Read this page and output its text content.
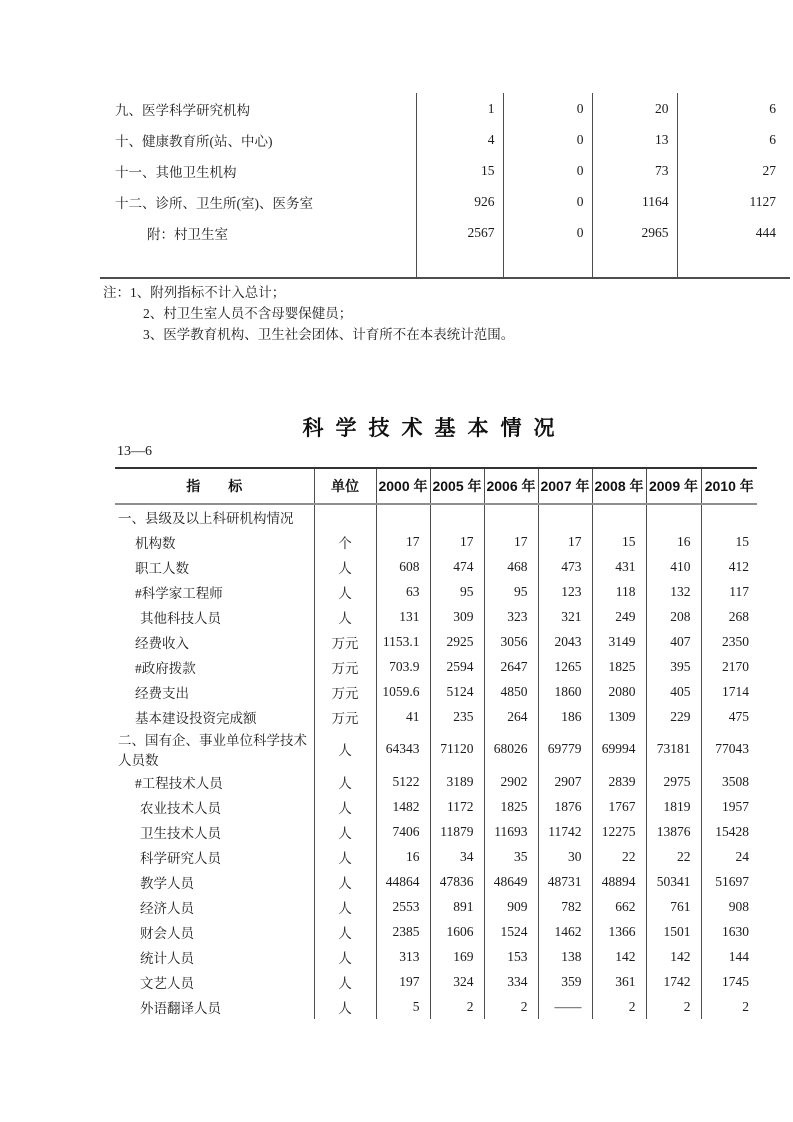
九、医学科学研究机构	1	0	20	6
十、健康教育所(站、中心)	4	0	13	6
十一、其他卫生机构	15	0	73	27
十二、诊所、卫生所(室)、医务室	926	0	1164	1127
附：村卫生室	2567	0	2965	444

注：1、附列指标不计入总计；
2、村卫生室人员不含母婴保健员；
3、医学教育机构、卫生社会团体、计育所不在本表统计范围。
科学技术基本情况
13—6
指　　标	单位	2000 年	2005 年	2006 年	2007 年	2008 年	2009 年	2010 年
一、县级及以上科研机构情况								
机构数	个	17	17	17	17	15	16	15
职工人数	人	608	474	468	473	431	410	412
#科学家工程师	人	63	95	95	123	118	132	117
其他科技人员	人	131	309	323	321	249	208	268
经费收入	万元	1153.1	2925	3056	2043	3149	407	2350
#政府拨款	万元	703.9	2594	2647	1265	1825	395	2170
经费支出	万元	1059.6	5124	4850	1860	2080	405	1714
基本建设投资完成额	万元	41	235	264	186	1309	229	475
二、国有企、事业单位科学技术人员数	人	64343	71120	68026	69779	69994	73181	77043
#工程技术人员	人	5122	3189	2902	2907	2839	2975	3508
农业技术人员	人	1482	1172	1825	1876	1767	1819	1957
卫生技术人员	人	7406	11879	11693	11742	12275	13876	15428
科学研究人员	人	16	34	35	30	22	22	24
教学人员	人	44864	47836	48649	48731	48894	50341	51697
经济人员	人	2553	891	909	782	662	761	908
财会人员	人	2385	1606	1524	1462	1366	1501	1630
统计人员	人	313	169	153	138	142	142	144
文艺人员	人	197	324	334	359	361	1742	1745
外语翻译人员	人	5	2	2	——	2	2	2
